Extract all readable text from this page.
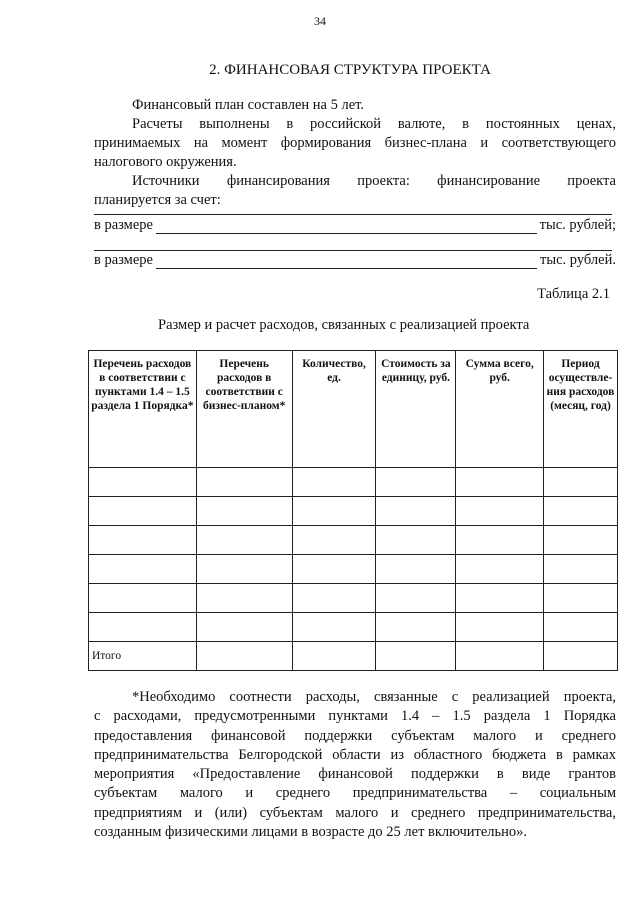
34
2. ФИНАНСОВАЯ СТРУКТУРА ПРОЕКТА
Финансовый план составлен на 5 лет.
Расчеты выполнены в российской валюте, в постоянных ценах,
принимаемых на момент формирования бизнес-плана и соответствующего
налогового окружения.
Источники финансирования проекта: финансирование проекта
планируется за счет:
в размере	тыс. рублей;
в размере	тыс. рублей.
Таблица 2.1
Размер и расчет расходов, связанных с реализацией проекта
Перечень расходов в соответствии с пунктами 1.4 – 1.5 раздела 1 Порядка*	Перечень расходов в соответствии с бизнес-планом*	Количество, ед.	Стоимость за единицу, руб.	Сумма всего, руб.	Период осуществле-ния расходов (месяц, год)

Итого					
*Необходимо соотнести расходы, связанные с реализацией проекта,
с расходами, предусмотренными пунктами 1.4 – 1.5 раздела 1 Порядка
предоставления финансовой поддержки субъектам малого и среднего
предпринимательства Белгородской области из областного бюджета в рамках
мероприятия «Предоставление финансовой поддержки в виде грантов
субъектам малого и среднего предпринимательства – социальным
предприятиям и (или) субъектам малого и среднего предпринимательства,
созданным физическими лицами в возрасте до 25 лет включительно».
